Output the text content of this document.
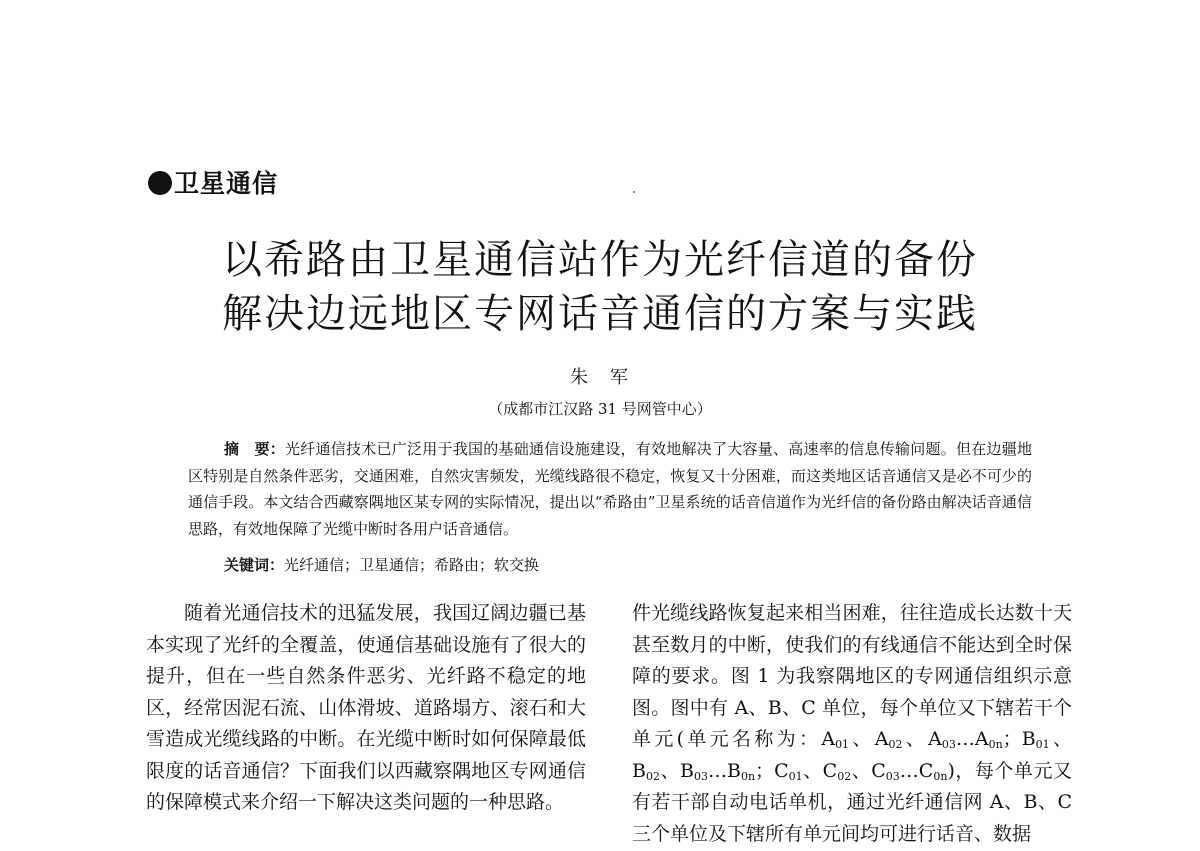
卫星通信
以希路由卫星通信站作为光纤信道的备份
解决边远地区专网话音通信的方案与实践
朱　军
（成都市江汉路 31 号网管中心）
摘　要：光纤通信技术已广泛用于我国的基础通信设施建设，有效地解决了大容量、高速率的信息传输问题。但在边疆地区特别是自然条件恶劣，交通困难，自然灾害频发，光缆线路很不稳定，恢复又十分困难，而这类地区话音通信又是必不可少的通信手段。本文结合西藏察隅地区某专网的实际情况，提出以“希路由”卫星系统的话音信道作为光纤信的备份路由解决话音通信思路，有效地保障了光缆中断时各用户话音通信。
关键词：光纤通信；卫星通信；希路由；软交换
随着光通信技术的迅猛发展，我国辽阔边疆已基本实现了光纤的全覆盖，使通信基础设施有了很大的提升，但在一些自然条件恶劣、光纤路不稳定的地区，经常因泥石流、山体滑坡、道路塌方、滚石和大雪造成光缆线路的中断。在光缆中断时如何保障最低限度的话音通信？下面我们以西藏察隅地区专网通信的保障模式来介绍一下解决这类问题的一种思路。
件光缆线路恢复起来相当困难，往往造成长达数十天甚至数月的中断，使我们的有线通信不能达到全时保障的要求。图 1 为我察隅地区的专网通信组织示意图。图中有 A、B、C 单位，每个单位又下辖若干个单元(单元名称为：$A_{01}$、$A_{02}$、$A_{03}\dots A_{0n}$；$B_{01}$、$B_{02}$、$B_{03}\dots B_{0n}$；$C_{01}$、$C_{02}$、$C_{03}\dots C_{0n}$)，每个单元又有若干部自动电话单机，通过光纤通信网 A、B、C 三个单位及下辖所有单元间均可进行话音、数据
